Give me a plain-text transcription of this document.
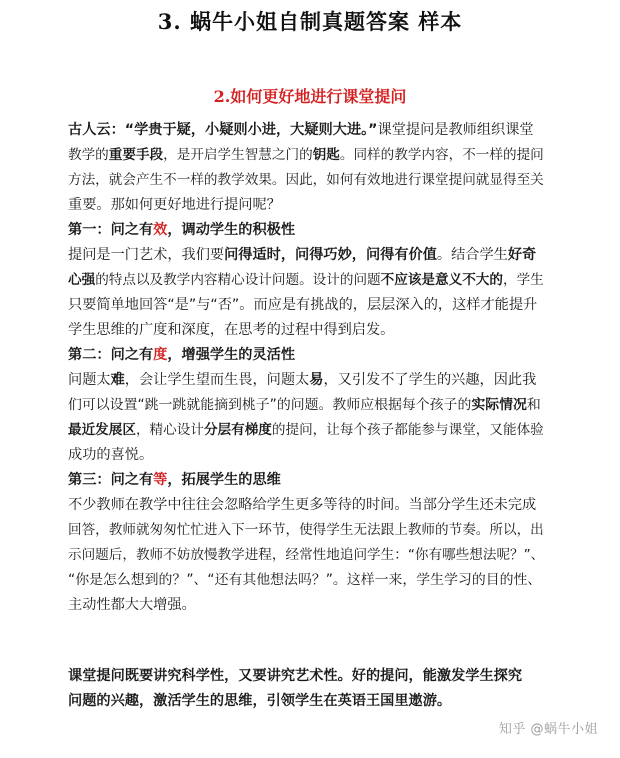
3. 蜗牛小姐自制真题答案 样本
2.如何更好地进行课堂提问
古人云：“学贵于疑，小疑则小进，大疑则大进。”课堂提问是教师组织课堂
教学的重要手段，是开启学生智慧之门的钥匙。同样的教学内容，不一样的提问
方法，就会产生不一样的教学效果。因此，如何有效地进行课堂提问就显得至关
重要。那如何更好地进行提问呢？
第一：问之有效，调动学生的积极性
提问是一门艺术，我们要问得适时，问得巧妙，问得有价值。结合学生好奇
心强的特点以及教学内容精心设计问题。设计的问题不应该是意义不大的，学生
只要简单地回答“是”与“否”。而应是有挑战的，层层深入的，这样才能提升
学生思维的广度和深度，在思考的过程中得到启发。
第二：问之有度，增强学生的灵活性
问题太难，会让学生望而生畏，问题太易，又引发不了学生的兴趣，因此我
们可以设置“跳一跳就能摘到桃子”的问题。教师应根据每个孩子的实际情况和
最近发展区，精心设计分层有梯度的提问，让每个孩子都能参与课堂，又能体验
成功的喜悦。
第三：问之有等，拓展学生的思维
不少教师在教学中往往会忽略给学生更多等待的时间。当部分学生还未完成
回答，教师就匆匆忙忙进入下一环节，使得学生无法跟上教师的节奏。所以，出
示问题后，教师不妨放慢教学进程，经常性地追问学生：“你有哪些想法呢？”、
“你是怎么想到的？”、“还有其他想法吗？”。这样一来，学生学习的目的性、
主动性都大大增强。
课堂提问既要讲究科学性，又要讲究艺术性。好的提问，能激发学生探究
问题的兴趣，激活学生的思维，引领学生在英语王国里遨游。
知乎 @蜗牛小姐
